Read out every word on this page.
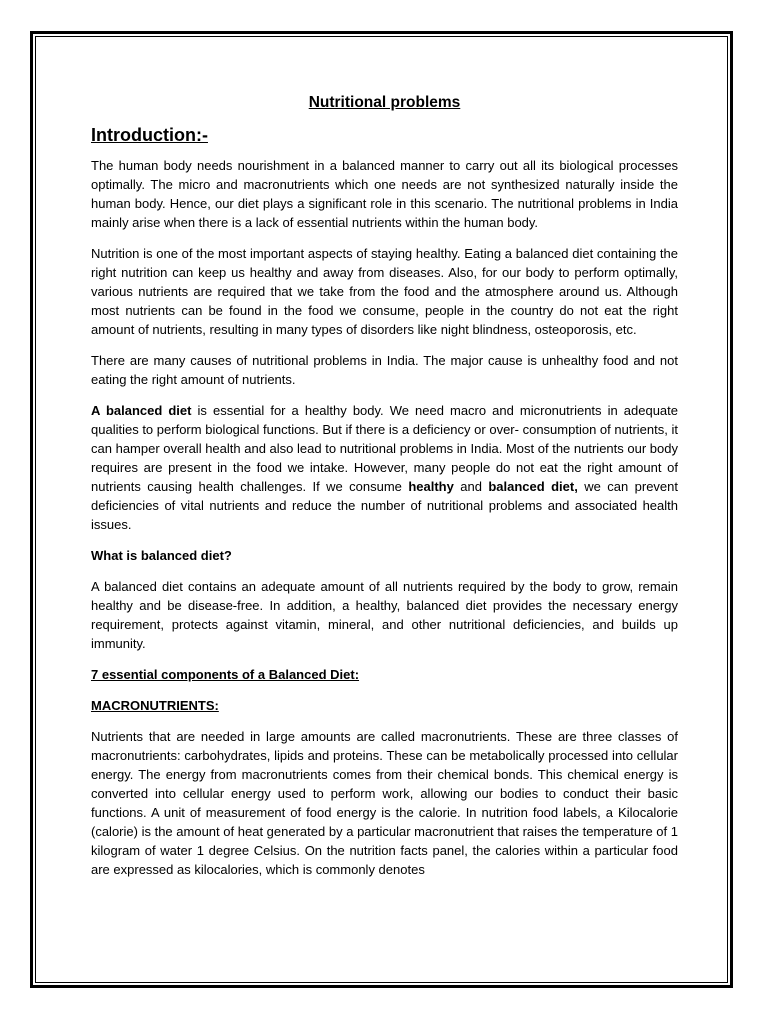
Nutritional problems
Introduction:-

The human body needs nourishment in a balanced manner to carry out all its biological processes optimally. The micro and macronutrients which one needs are not synthesized naturally inside the human body. Hence, our diet plays a significant role in this scenario. The nutritional problems in India mainly arise when there is a lack of essential nutrients within the human body.

Nutrition is one of the most important aspects of staying healthy. Eating a balanced diet containing the right nutrition can keep us healthy and away from diseases. Also, for our body to perform optimally, various nutrients are required that we take from the food and the atmosphere around us. Although most nutrients can be found in the food we consume, people in the country do not eat the right amount of nutrients, resulting in many types of disorders like night blindness, osteoporosis, etc.

There are many causes of nutritional problems in India. The major cause is unhealthy food and not eating the right amount of nutrients.

A balanced diet is essential for a healthy body. We need macro and micronutrients in adequate qualities to perform biological functions. But if there is a deficiency or over- consumption of nutrients, it can hamper overall health and also lead to nutritional problems in India. Most of the nutrients our body requires are present in the food we intake. However, many people do not eat the right amount of nutrients causing health challenges. If we consume healthy and balanced diet, we can prevent deficiencies of vital nutrients and reduce the number of nutritional problems and associated health issues.

What is balanced diet?

A balanced diet contains an adequate amount of all nutrients required by the body to grow, remain healthy and be disease-free. In addition, a healthy, balanced diet provides the necessary energy requirement, protects against vitamin, mineral, and other nutritional deficiencies, and builds up immunity.

7 essential components of a Balanced Diet:
MACRONUTRIENTS:

Nutrients that are needed in large amounts are called macronutrients. These are three classes of macronutrients: carbohydrates, lipids and proteins. These can be metabolically processed into cellular energy. The energy from macronutrients comes from their chemical bonds. This chemical energy is converted into cellular energy used to perform work, allowing our bodies to conduct their basic functions. A unit of measurement of food energy is the calorie. In nutrition food labels, a Kilocalorie (calorie) is the amount of heat generated by a particular macronutrient that raises the temperature of 1 kilogram of water 1 degree Celsius. On the nutrition facts panel, the calories within a particular food are expressed as kilocalories, which is commonly denotes
